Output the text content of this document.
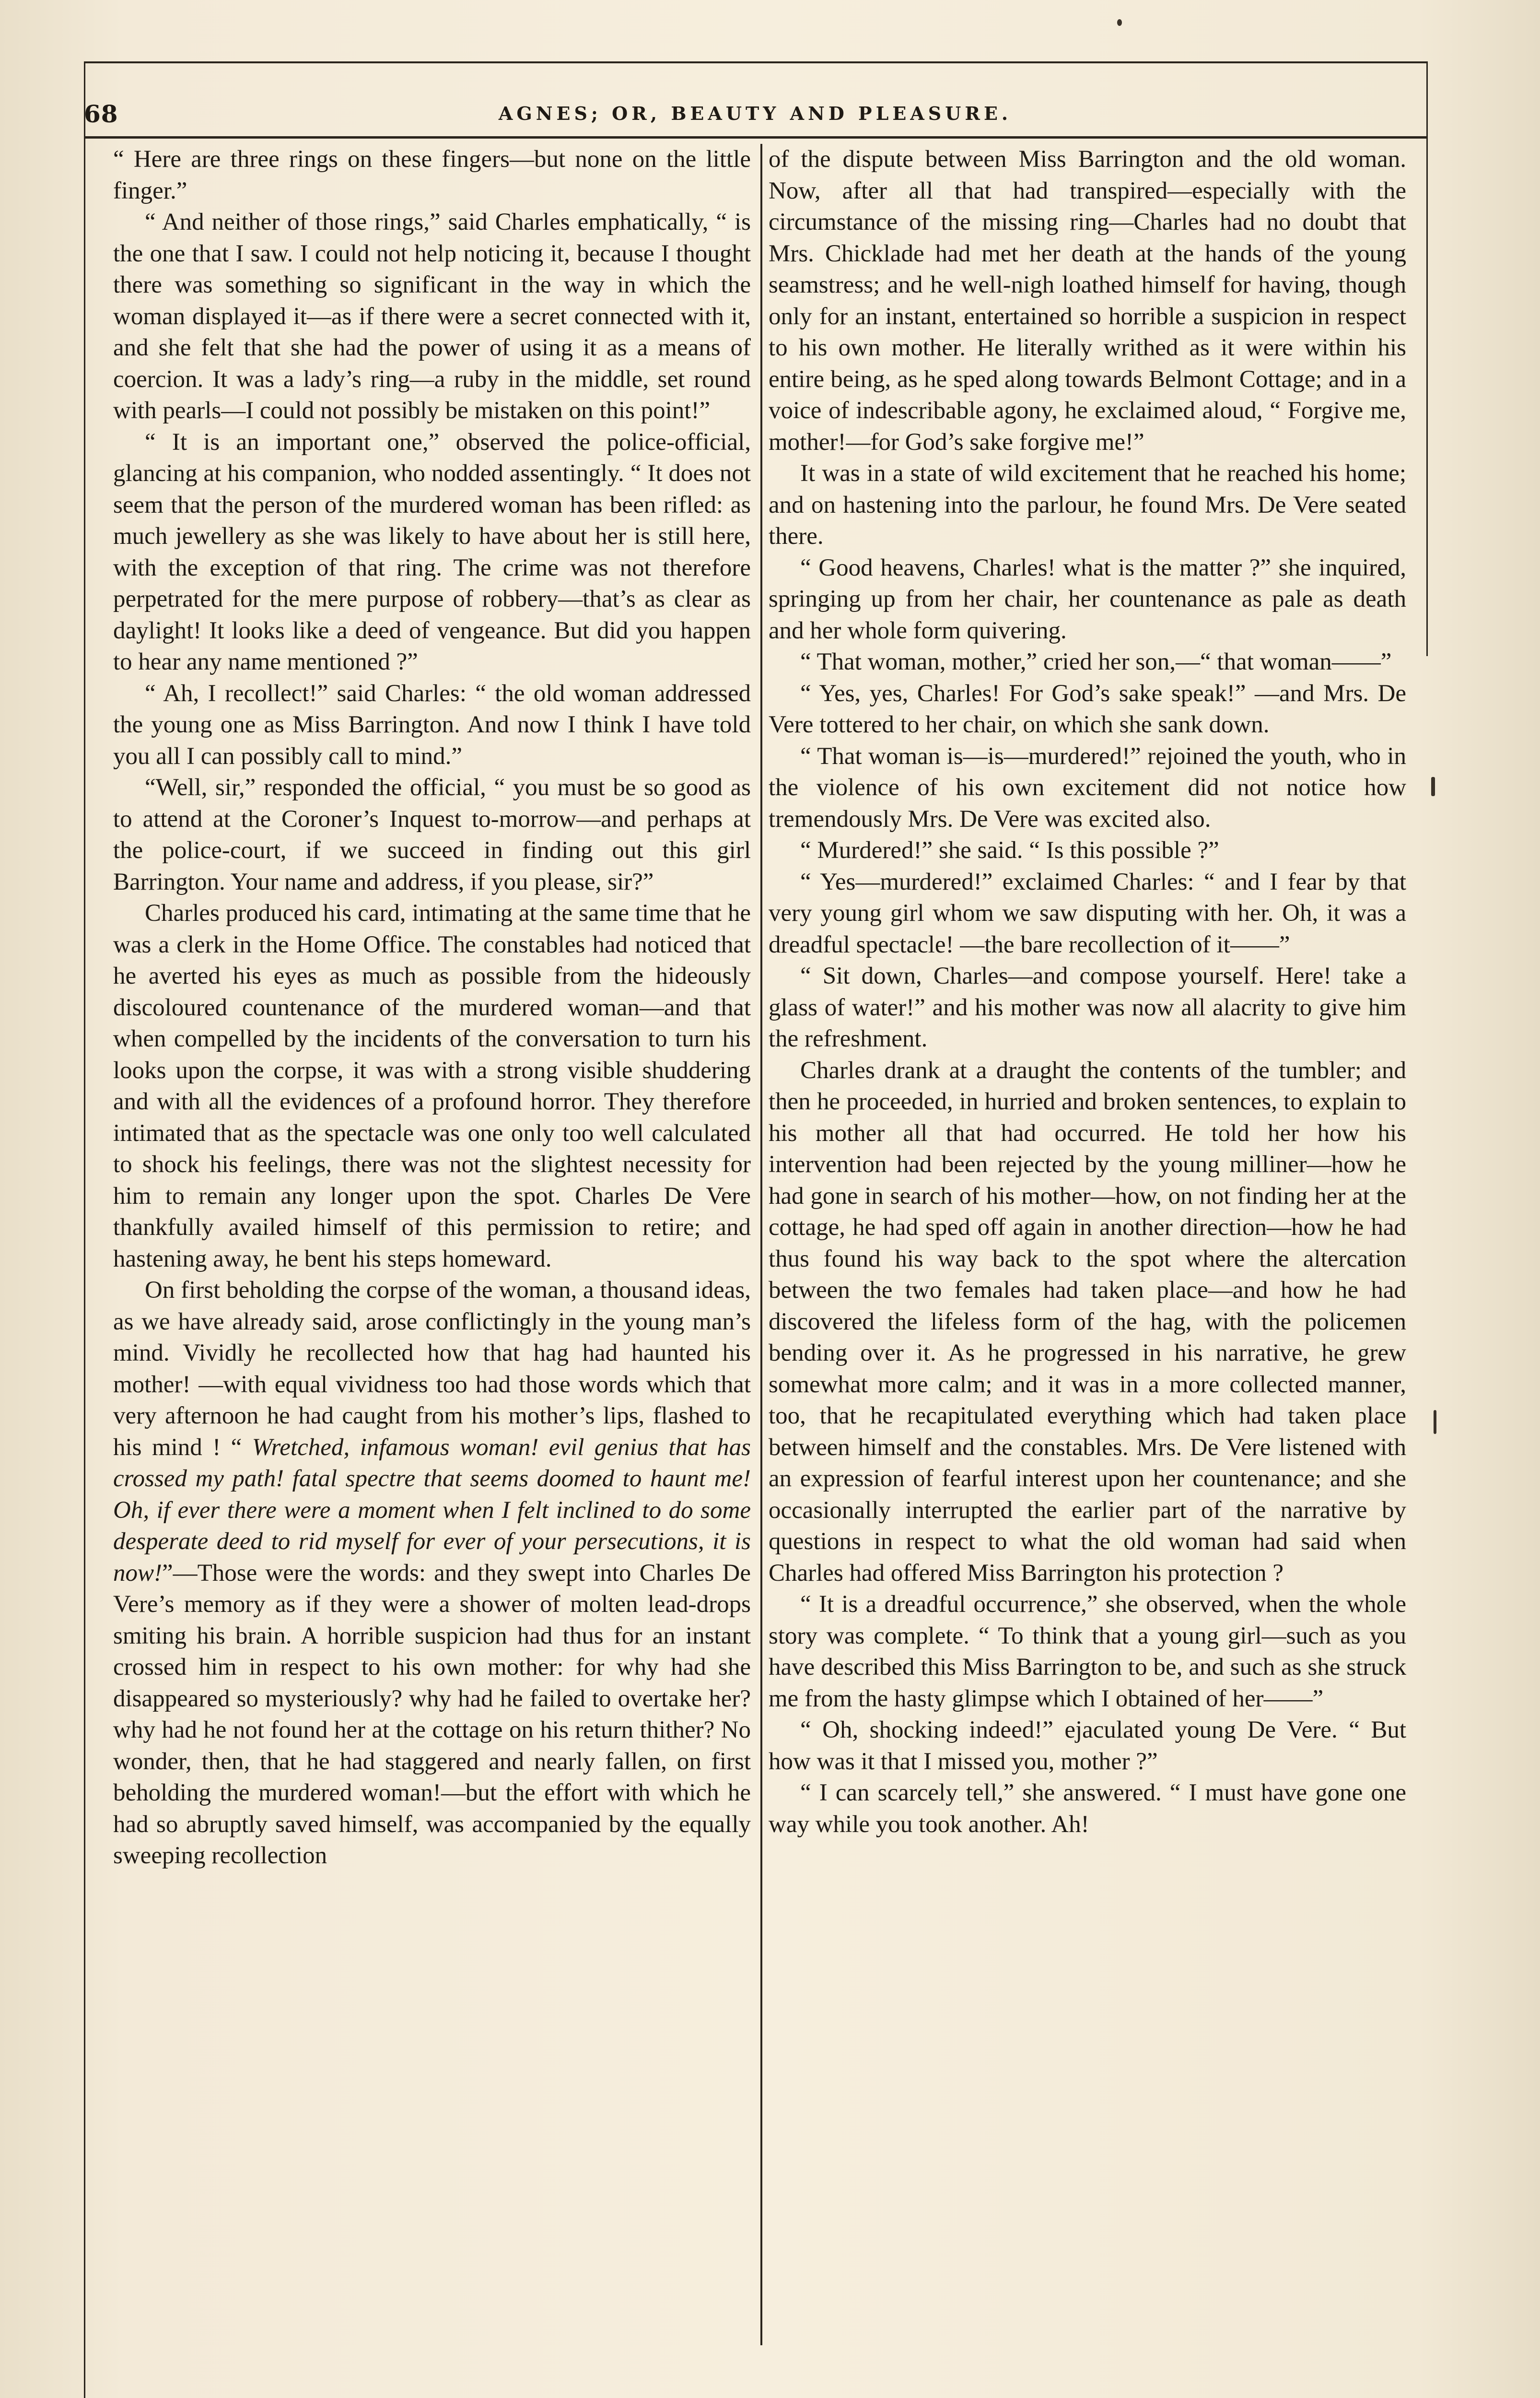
68	AGNES; OR, BEAUTY AND PLEASURE.

“ Here are three rings on these fingers—but none on the little finger.”

“ And neither of those rings,” said Charles emphatically, “ is the one that I saw. I could not help noticing it, because I thought there was something so significant in the way in which the woman displayed it—as if there were a secret connected with it, and she felt that she had the power of using it as a means of coercion. It was a lady’s ring—a ruby in the middle, set round with pearls—I could not possibly be mistaken on this point!”

“ It is an important one,” observed the police-official, glancing at his companion, who nodded assentingly. “ It does not seem that the person of the murdered woman has been rifled: as much jewellery as she was likely to have about her is still here, with the exception of that ring. The crime was not therefore perpetrated for the mere purpose of robbery—that’s as clear as daylight! It looks like a deed of vengeance. But did you happen to hear any name mentioned ?”

“ Ah, I recollect!” said Charles: “ the old woman addressed the young one as Miss Barrington. And now I think I have told you all I can possibly call to mind.”

“Well, sir,” responded the official, “ you must be so good as to attend at the Coroner’s Inquest to-morrow—and perhaps at the police-court, if we succeed in finding out this girl Barrington. Your name and address, if you please, sir?”

Charles produced his card, intimating at the same time that he was a clerk in the Home Office. The constables had noticed that he averted his eyes as much as possible from the hideously discoloured countenance of the murdered woman—and that when compelled by the incidents of the conversation to turn his looks upon the corpse, it was with a strong visible shuddering and with all the evidences of a profound horror. They therefore intimated that as the spectacle was one only too well calculated to shock his feelings, there was not the slightest necessity for him to remain any longer upon the spot. Charles De Vere thankfully availed himself of this permission to retire; and hastening away, he bent his steps homeward.

On first beholding the corpse of the woman, a thousand ideas, as we have already said, arose conflictingly in the young man’s mind. Vividly he recollected how that hag had haunted his mother! —with equal vividness too had those words which that very afternoon he had caught from his mother’s lips, flashed to his mind ! “ Wretched, infamous woman! evil genius that has crossed my path! fatal spectre that seems doomed to haunt me! Oh, if ever there were a moment when I felt inclined to do some desperate deed to rid myself for ever of your persecutions, it is now!”—Those were the words: and they swept into Charles De Vere’s memory as if they were a shower of molten lead-drops smiting his brain. A horrible suspicion had thus for an instant crossed him in respect to his own mother: for why had she disappeared so mysteriously? why had he failed to overtake her? why had he not found her at the cottage on his return thither? No wonder, then, that he had staggered and nearly fallen, on first beholding the murdered woman!—but the effort with which he had so abruptly saved himself, was accompanied by the equally sweeping recollection

of the dispute between Miss Barrington and the old woman. Now, after all that had transpired—especially with the circumstance of the missing ring—Charles had no doubt that Mrs. Chicklade had met her death at the hands of the young seamstress; and he well-nigh loathed himself for having, though only for an instant, entertained so horrible a suspicion in respect to his own mother. He literally writhed as it were within his entire being, as he sped along towards Belmont Cottage; and in a voice of indescribable agony, he exclaimed aloud, “ Forgive me, mother!—for God’s sake forgive me!”

It was in a state of wild excitement that he reached his home; and on hastening into the parlour, he found Mrs. De Vere seated there.

“ Good heavens, Charles! what is the matter ?” she inquired, springing up from her chair, her countenance as pale as death and her whole form quivering.

“ That woman, mother,” cried her son,—“ that woman——”

“ Yes, yes, Charles! For God’s sake speak!” —and Mrs. De Vere tottered to her chair, on which she sank down.

“ That woman is—is—murdered!” rejoined the youth, who in the violence of his own excitement did not notice how tremendously Mrs. De Vere was excited also.

“ Murdered!” she said. “ Is this possible ?”

“ Yes—murdered!” exclaimed Charles: “ and I fear by that very young girl whom we saw disputing with her. Oh, it was a dreadful spectacle! —the bare recollection of it——”

“ Sit down, Charles—and compose yourself. Here! take a glass of water!” and his mother was now all alacrity to give him the refreshment.

Charles drank at a draught the contents of the tumbler; and then he proceeded, in hurried and broken sentences, to explain to his mother all that had occurred. He told her how his intervention had been rejected by the young milliner—how he had gone in search of his mother—how, on not finding her at the cottage, he had sped off again in another direction—how he had thus found his way back to the spot where the altercation between the two females had taken place—and how he had discovered the lifeless form of the hag, with the policemen bending over it. As he progressed in his narrative, he grew somewhat more calm; and it was in a more collected manner, too, that he recapitulated everything which had taken place between himself and the constables. Mrs. De Vere listened with an expression of fearful interest upon her countenance; and she occasionally interrupted the earlier part of the narrative by questions in respect to what the old woman had said when Charles had offered Miss Barrington his protection ?

“ It is a dreadful occurrence,” she observed, when the whole story was complete. “ To think that a young girl—such as you have described this Miss Barrington to be, and such as she struck me from the hasty glimpse which I obtained of her——”

“ Oh, shocking indeed!” ejaculated young De Vere. “ But how was it that I missed you, mother ?”

“ I can scarcely tell,” she answered. “ I must have gone one way while you took another. Ah!
